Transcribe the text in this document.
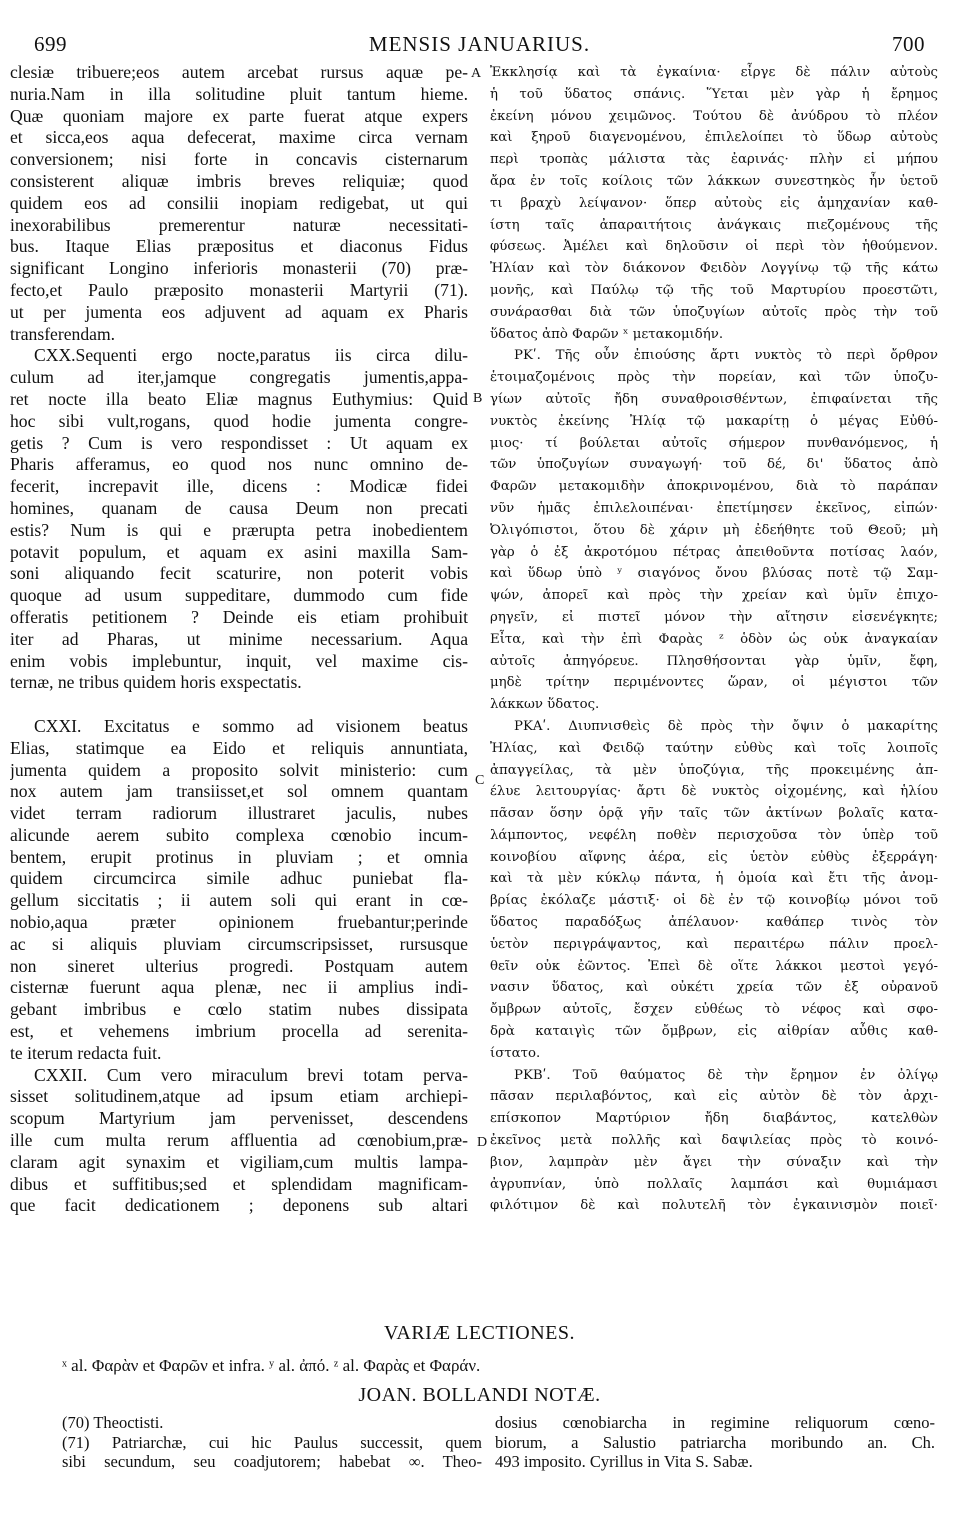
699	MENSIS JANUARIUS.	700
clesiæ tribuere;eos autem arcebat rursus aquæ pe-
nuria.Nam in illa solitudine pluit tantum hieme.
Quæ quoniam majore ex parte fuerat atque expers
et sicca,eos aqua defecerat, maxime circa vernam
conversionem; nisi forte in concavis cisternarum
consisterent aliquæ imbris breves reliquiæ; quod
quidem eos ad consilii inopiam redigebat, ut qui
inexorabilibus premerentur naturæ necessitati-
bus. Itaque Elias præpositus et diaconus Fidus
significant Longino inferioris monasterii (70) præ-
fecto,et Paulo præposito monasterii Martyrii (71).
ut per jumenta eos adjuvent ad aquam ex Pharis
transferendam.
CXX.Sequenti ergo nocte,paratus iis circa dilu-
culum ad iter,jamque congregatis jumentis,appa-
ret nocte illa beato Eliæ magnus Euthymius: Quid
hoc sibi vult,rogans, quod hodie jumenta congre-
getis ? Cum is vero respondisset : Ut aquam ex
Pharis afferamus, eo quod nos nunc omnino de-
fecerit, increpavit ille, dicens : Modicæ fidei
homines, quanam de causa Deum non precati
estis? Num is qui e prærupta petra inobedientem
potavit populum, et aquam ex asini maxilla Sam-
soni aliquando fecit scaturire, non poterit vobis
quoque ad usum suppeditare, dummodo cum fide
offeratis petitionem ? Deinde eis etiam prohibuit
iter ad Pharas, ut minime necessarium. Aqua
enim vobis implebuntur, inquit, vel maxime cis-
ternæ, ne tribus quidem horis exspectatis.
CXXI. Excitatus e sommo ad visionem beatus
Elias, statimque ea Eido et reliquis annuntiata,
jumenta quidem a proposito solvit ministerio: cum
nox autem jam transiisset,et sol omnem quantam
videt terram radiorum illustraret jaculis, nubes
alicunde aerem subito complexa cœnobio incum-
bentem, erupit protinus in pluviam ; et omnia
quidem circumcirca simile adhuc puniebat fla-
gellum siccitatis ; ii autem soli qui erant in cœ-
nobio,aqua præter opinionem fruebantur;perinde
ac si aliquis pluviam circumscripsisset, rursusque
non sineret ulterius progredi. Postquam autem
cisternæ fuerunt aqua plenæ, nec ii amplius indi-
gebant imbribus e cœlo statim nubes dissipata
est, et vehemens imbrium procella ad serenita-
te iterum redacta fuit.
CXXII. Cum vero miraculum brevi totam perva-
sisset solitudinem,atque ad ipsum etiam archiepi-
scopum Martyrium jam pervenisset, descendens
ille cum multa rerum affluentia ad cœnobium,præ-
claram agit synaxim et vigiliam,cum multis lampa-
dibus et suffitibus;sed et splendidam magnificam-
que facit dedicationem ; deponens sub altari
Ἐκκλησίᾳ καὶ τὰ ἐγκαίνια· εἶργε δὲ πάλιν αὐτοὺς
ἡ τοῦ ὕδατος σπάνις. Ὕεται μὲν γὰρ ἡ ἔρημος
ἐκείνη μόνου χειμῶνος. Τούτου δὲ ἀνύδρου τὸ πλέον
καὶ ξηροῦ διαγενομένου, ἐπιλελοίπει τὸ ὕδωρ αὐτοὺς
περὶ τροπὰς μάλιστα τὰς ἐαρινάς· πλὴν εἰ μήπου
ἄρα ἐν τοῖς κοίλοις τῶν λάκκων συνεστηκὸς ἦν ὑετοῦ
τι βραχὺ λείψανον· ὅπερ αὐτοὺς εἰς ἀμηχανίαν καθ-
ίστη ταῖς ἀπαραιτήτοις ἀνάγκαις πιεζομένους τῆς
φύσεως. Ἀμέλει καὶ δηλοῦσιν οἱ περὶ τὸν ἡθούμενον.
Ἠλίαν καὶ τὸν διάκονον Φειδὸν Λογγίνῳ τῷ τῆς κάτω
μονῆς, καὶ Παύλῳ τῷ τῆς τοῦ Μαρτυρίου προεστῶτι,
συνάρασθαι διὰ τῶν ὑποζυγίων αὐτοῖς πρὸς τὴν τοῦ
ὕδατος ἀπὸ Φαρῶν ˣ μετακομιδήν.
ΡΚʹ. Τῆς οὖν ἐπιούσης ἄρτι νυκτὸς τὸ περὶ ὄρθρον
ἑτοιμαζομένοις πρὸς τὴν πορείαν, καὶ τῶν ὑποζυ-
γίων αὐτοῖς ἤδη συναθροισθέντων, ἐπιφαίνεται τῆς
νυκτὸς ἐκείνης Ἠλίᾳ τῷ μακαρίτῃ ὁ μέγας Εὐθύ-
μιος· τί βούλεται αὐτοῖς σήμερον πυνθανόμενος, ἡ
τῶν ὑποζυγίων συναγωγή· τοῦ δέ, δι' ὕδατος ἀπὸ
Φαρῶν μετακομιδὴν ἀποκρινομένου, διὰ τὸ παράπαν
νῦν ἡμᾶς ἐπιλελοιπέναι· ἐπετίμησεν ἐκεῖνος, εἰπών·
Ὀλιγόπιστοι, ὅτου δὲ χάριν μὴ ἐδεήθητε τοῦ Θεοῦ; μὴ
γὰρ ὁ ἐξ ἀκροτόμου πέτρας ἀπειθοῦντα ποτίσας λαόν,
καὶ ὕδωρ ὑπὸ ʸ σιαγόνος ὄνου βλύσας ποτὲ τῷ Σαμ-
ψών, ἀπορεῖ καὶ πρὸς τὴν χρείαν καὶ ὑμῖν ἐπιχο-
ρηγεῖν, εἰ πιστεῖ μόνον τὴν αἴτησιν εἰσενέγκητε;
Εἶτα, καὶ τὴν ἐπὶ Φαρὰς ᶻ ὁδὸν ὡς οὐκ ἀναγκαίαν
αὐτοῖς ἀπηγόρευε. Πλησθήσονται γὰρ ὑμῖν, ἔφη,
μηδὲ τρίτην περιμένοντες ὥραν, οἱ μέγιστοι τῶν
λάκκων ὕδατος.
ΡΚΑʹ. Διυπνισθεὶς δὲ πρὸς τὴν ὄψιν ὁ μακαρίτης
Ἠλίας, καὶ Φειδῷ ταύτην εὐθὺς καὶ τοῖς λοιποῖς
ἀπαγγείλας, τὰ μὲν ὑποζύγια, τῆς προκειμένης ἀπ-
έλυε λειτουργίας· ἄρτι δὲ νυκτὸς οἰχομένης, καὶ ἡλίου
πᾶσαν ὅσην ὁρᾷ γῆν ταῖς τῶν ἀκτίνων βολαῖς κατα-
λάμποντος, νεφέλη ποθὲν περισχοῦσα τὸν ὑπὲρ τοῦ
κοινοβίου αἴφνης ἀέρα, εἰς ὑετὸν εὐθὺς ἐξερράγη·
καὶ τὰ μὲν κύκλῳ πάντα, ἡ ὁμοία καὶ ἔτι τῆς ἀνομ-
βρίας ἐκόλαζε μάστιξ· οἱ δὲ ἐν τῷ κοινοβίῳ μόνοι τοῦ
ὕδατος παραδόξως ἀπέλαυον· καθάπερ τινὸς τὸν
ὑετὸν περιγράψαντος, καὶ περαιτέρω πάλιν προελ-
θεῖν οὐκ ἐῶντος. Ἐπεὶ δὲ οἵτε λάκκοι μεστοὶ γεγό-
νασιν ὕδατος, καὶ οὐκέτι χρεία τῶν ἐξ οὐρανοῦ
ὄμβρων αὐτοῖς, ἔσχεν εὐθέως τὸ νέφος καὶ σφο-
δρὰ καταιγὶς τῶν ὄμβρων, εἰς αἰθρίαν αὖθις καθ-
ίστατο.
ΡΚΒʹ. Τοῦ θαύματος δὲ τὴν ἔρημον ἐν ὀλίγῳ
πᾶσαν περιλαβόντος, καὶ εἰς αὐτὸν δὲ τὸν ἀρχι-
επίσκοπον Μαρτύριον ἤδη διαβάντος, κατελθὼν
ἐκεῖνος μετὰ πολλῆς καὶ δαψιλείας πρὸς τὸ κοινό-
βιον, λαμπρὰν μὲν ἄγει τὴν σύναξιν καὶ τὴν
ἀγρυπνίαν, ὑπὸ πολλαῖς λαμπάσι καὶ θυμιάμασι
φιλότιμον δὲ καὶ πολυτελῆ τὸν ἐγκαινισμὸν ποιεῖ·
A
B
C
D
VARIÆ LECTIONES.
ˣ al. Φαρὰν et Φαρῶν et infra. ʸ al. ἀπό. ᶻ al. Φαρὰς et Φαράν.
JOAN. BOLLANDI NOTÆ.
(70) Theoctisti.
(71) Patriarchæ, cui hic Paulus successit, quem
sibi secundum, seu coadjutorem; habebat ∞. Theo-
dosius cœnobiarcha in regimine reliquorum cœno-
biorum, a Salustio patriarcha moribundo an. Ch.
493 imposito. Cyrillus in Vita S. Sabæ.
